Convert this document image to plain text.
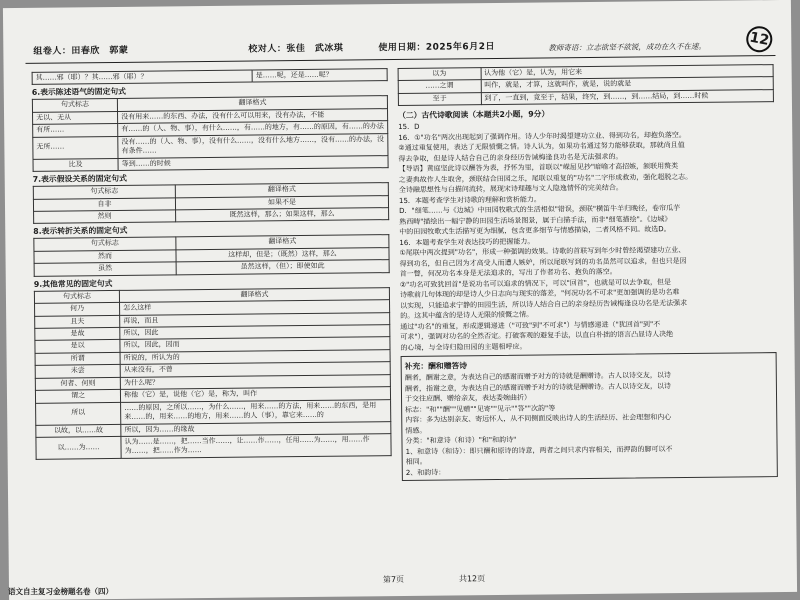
12
组卷人：田春欣　郭蒙	校对人：张佳　武冰琪	使用日期：2025年6月2日	教师寄语：立志欲坚不欲锐，成功在久不在速。
其……邪（耶）？其……邪（耶）？	是……呢，还是……呢？
6.表示陈述语气的固定句式
句式标志	翻译格式
无以、无从	没有用来……的东西、办法，没有什么可以用来，没有办法，不能
有所……	有……的（人、物、事），有什么……，有……的地方，有……的原因，有……的办法
无所……	没有……的（人、物、事），没有什么……，没有什么地方……，没有……的办法，没有条件……
比及	等到……的时候
7.表示假设关系的固定句式
句式标志	翻译格式
自非	如果不是
然则	既然这样，那么；如果这样，那么
8.表示转折关系的固定句式
句式标志	翻译格式
然而	这样却，但是；（既然）这样，那么
虽然	虽然这样，（但）；即使如此
9.其他常见的固定句式
句式标志	翻译格式
何乃	怎么这样
且夫	再说，而且
是故	所以，因此
是以	所以，因此，因而
所谓	所说的，所认为的
未尝	从来没有，不曾
何者、何则	为什么呢？
谓之	称他（它）是，说他（它）是，称为，叫作
所以	……的原因，之所以……，为什么……，用来……的方法，用来……的东西，是用来……的，用来……的地方，用来……的人（事），靠它来……的
以故，以……故	所以，因为……的缘故
以……为……	认为……是……，把……当作……，让……作……，任用……为……，用……作为……，把……作为……
以为	认为他（它）是，认为，用它来
……之谓	叫作，就是，才算，这就叫作，就是，说的就是
至于	到了，一直到，竟至于，结果，终究，到……，到……结局，到……时候
（二）古代诗歌阅读（本题共2小题，9分）
15．D
16．①"功名"两次出现起到了强调作用。诗人少年时渴望建功立业、得到功名，却抱负落空。
②通过重复使用，表达了无限愤慨之情。诗人认为，如果功名通过努力能够获取，那就尚且值
得去争取，但是诗人结合自己的亲身经历告诫梅逢良功名是无法强求的。
【导语】黄庭坚此诗以酬答为表，抒怀为里，首联以"嵘屈见抄"暗喻才高招嫉，颔联用赘类
之妻典故作人生取舍，颈联结合田园之乐，尾联以重复的"功名"二字形成救劝，强化超脱之志。
全诗融思想性与白描问流转，展现宋诗理趣与文人隐逸情怀的完美结合。
15．本题考查学生对诗歌的理解和赏析能力。
D．"细笔……与《边城》中田园牧歌式的生活相似"错误，颈联"横笛牛羊归晚径，卷帘瓜芋
熟西畴"描绘出一幅宁静的田园生活场景图景，属于白描手法，而非"细笔描绘"。《边城》
中的田园牧歌式生活描写更为细腻，包含更多细节与情感描染，二者风格不同。故选D。
16．本题考查学生对表达技巧的把握能力。
①尾联中两次提到"功名"，形成一种强调的效果。诗歌的首联写到年少时曾经渴望建功立业、
得到功名，但自己因为才高受人而遭人嫉妒，所以尾联写到的功名虽然可以追求，但也只是因
首一瞥，何况功名本身是无法追求的，写出了作者功名、抱负的落空。
②"功名可致犹回首"是说功名可以追求的情况下，可以"回首"，也就是可以去争取，但是
诗歌前几句体现的却是诗人少日志向与现实的落差，"何况功名不可求"更加强调的是功名难
以实现，只能追求宁静的田园生活，所以诗人结合自己的亲身经历告诫梅逢良功名是无法强求
的。这其中蕴含的是诗人无限的愤慨之情。
通过"功名"的重复，形成逻辑递进（"可致"到"不可求"）与情感递进（"犹回首"到"不
可求"），强调对功名的全然否定。打破客观的避复手法，以直白朴拙的语言凸显诗人决绝
的心境，与全诗归隐田园的主题相呼应。
补充：酬和赠答诗
酬者，酬谢之意，为表达自己的感谢而赠予对方的诗就是酬赠诗。古人以诗交友，以诗
酬者，指谢之意，为表达自己的感谢而赠予对方的诗就是酬赠诗。古人以诗交友，以诗
于交往应酬、赠给亲友，表达委婉曲折）
标志："和""酬""见赠""见寄""见示""答""次韵"等
内容：多为达别亲友、寄远怀人，从不同侧面反映出诗人的生活经历、社会理想和内心
情感。
分类："和意诗（和诗）"和"和韵诗"
1、和意诗（和诗）：即只酬和原诗的诗意，两者之间只求内容相关，而押韵的脚可以不
相同。
2、和韵诗：
第7页	共12页
语文自主复习金榜题名卷（四）
